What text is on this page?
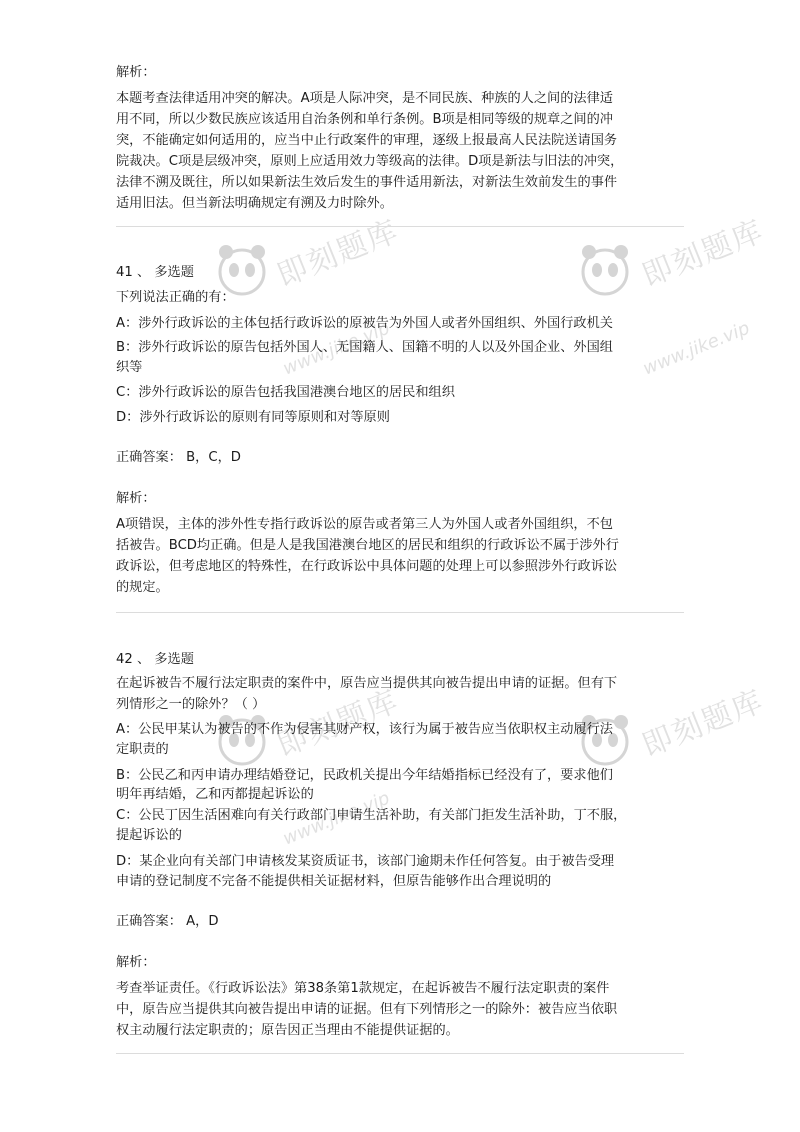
即刻题库
www.jike.vip
即刻题库
www.jike.vip
即刻题库
www.jike.vip
即刻题库

解析：

本题考查法律适用冲突的解决。A项是人际冲突，是不同民族、种族的人之间的法律适

用不同，所以少数民族应该适用自治条例和单行条例。B项是相同等级的规章之间的冲

突，不能确定如何适用的，应当中止行政案件的审理，逐级上报最高人民法院送请国务

院裁决。C项是层级冲突，原则上应适用效力等级高的法律。D项是新法与旧法的冲突，

法律不溯及既往，所以如果新法生效后发生的事件适用新法，对新法生效前发生的事件

适用旧法。但当新法明确规定有溯及力时除外。

41 、 多选题

下列说法正确的有：

A：涉外行政诉讼的主体包括行政诉讼的原被告为外国人或者外国组织、外国行政机关

B：涉外行政诉讼的原告包括外国人、无国籍人、国籍不明的人以及外国企业、外国组

织等

C：涉外行政诉讼的原告包括我国港澳台地区的居民和组织

D：涉外行政诉讼的原则有同等原则和对等原则

正确答案： B，C，D

解析：

A项错误，主体的涉外性专指行政诉讼的原告或者第三人为外国人或者外国组织，不包

括被告。BCD均正确。但是人是我国港澳台地区的居民和组织的行政诉讼不属于涉外行

政诉讼，但考虑地区的特殊性，在行政诉讼中具体问题的处理上可以参照涉外行政诉讼

的规定。

42 、 多选题

在起诉被告不履行法定职责的案件中，原告应当提供其向被告提出申请的证据。但有下

列情形之一的除外？（ ）

A：公民甲某认为被告的不作为侵害其财产权，该行为属于被告应当依职权主动履行法

定职责的

B：公民乙和丙申请办理结婚登记，民政机关提出今年结婚指标已经没有了，要求他们

明年再结婚，乙和丙都提起诉讼的

C：公民丁因生活困难向有关行政部门申请生活补助，有关部门拒发生活补助，丁不服，

提起诉讼的

D：某企业向有关部门申请核发某资质证书，该部门逾期未作任何答复。由于被告受理

申请的登记制度不完备不能提供相关证据材料，但原告能够作出合理说明的

正确答案： A，D

解析：

考查举证责任。《行政诉讼法》第38条第1款规定，在起诉被告不履行法定职责的案件

中，原告应当提供其向被告提出申请的证据。但有下列情形之一的除外：被告应当依职

权主动履行法定职责的；原告因正当理由不能提供证据的。
